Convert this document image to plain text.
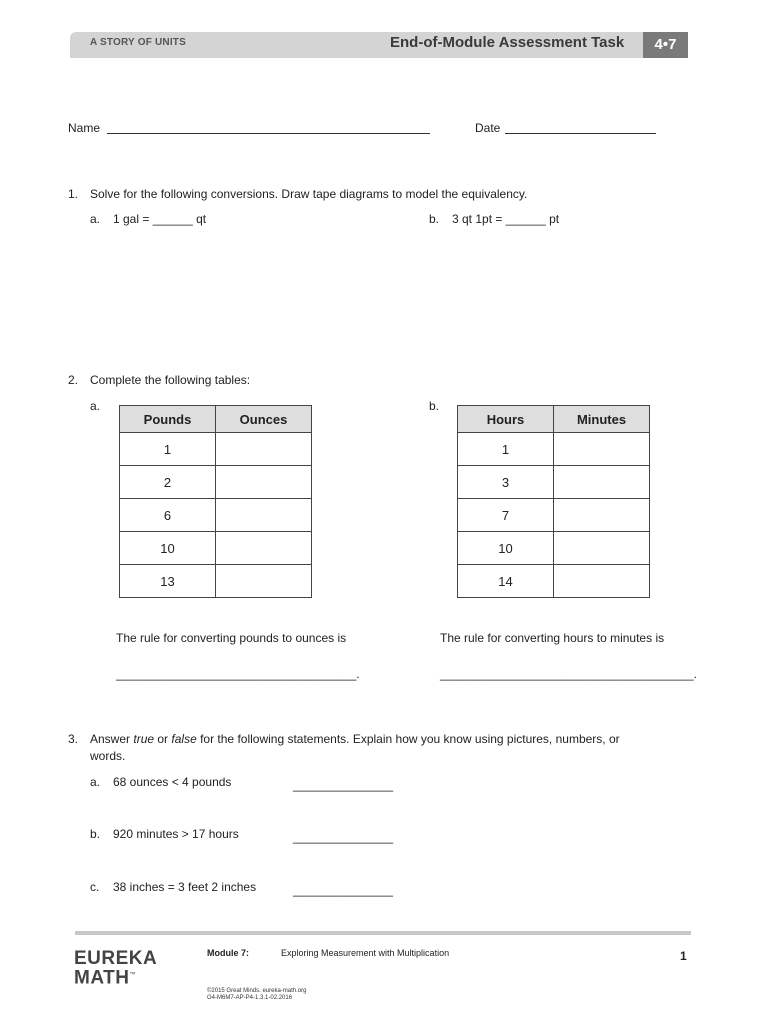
A STORY OF UNITS	End-of-Module Assessment Task	4•7
Name	Date
1. Solve for the following conversions. Draw tape diagrams to model the equivalency.
a. 1 gal = ______ qt	b. 3 qt 1pt = ______ pt
2. Complete the following tables:
a.	b.
Pounds	Ounces
1	
2	
6	
10	
13	
Hours	Minutes
1	
3	
7	
10	
14	
The rule for converting pounds to ounces is	The rule for converting hours to minutes is
____________________________________.	______________________________________.
3. Answer true or false for the following statements. Explain how you know using pictures, numbers, or
words.
a. 68 ounces < 4 pounds	_______________
b. 920 minutes > 17 hours	_______________
c. 38 inches = 3 feet 2 inches	_______________
EUREKA
MATH™
Module 7:	Exploring Measurement with Multiplication	1
©2015 Great Minds. eureka-math.org
G4-M6M7-AP-P4-1.3.1-02.2016
